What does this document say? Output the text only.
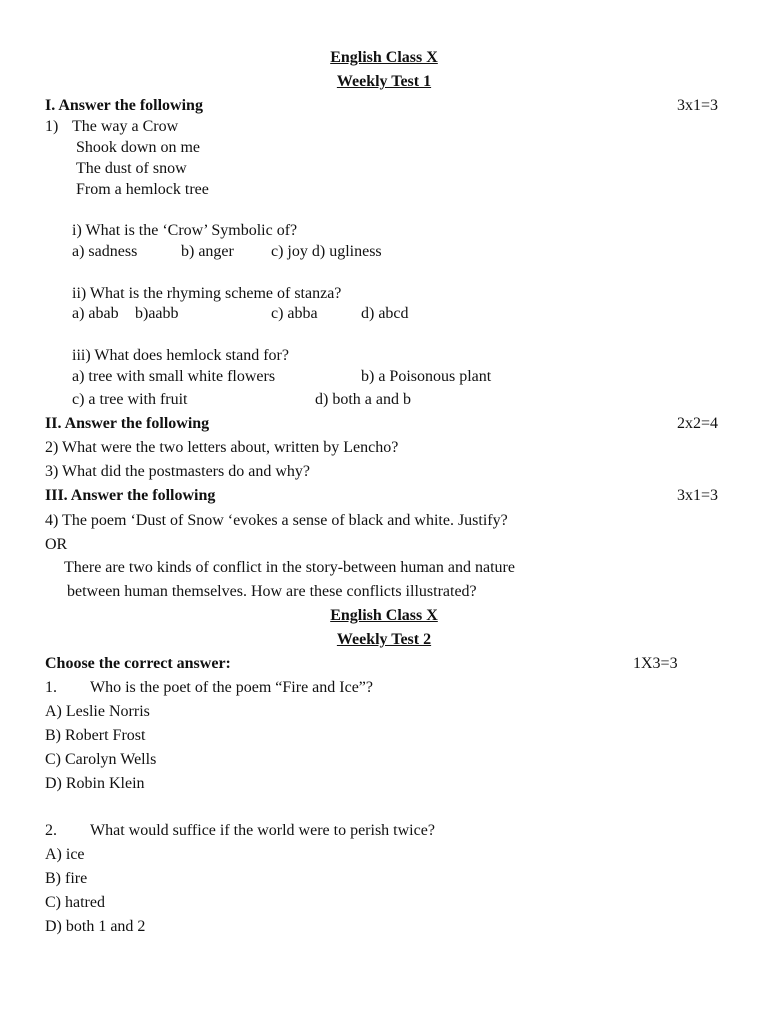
English Class X
Weekly Test 1
I. Answer the following	3x1=3
1) The way a Crow
Shook down on me
The dust of snow
From a hemlock tree
i) What is the ‘Crow’ Symbolic of?
a) sadness	b) anger c) joy d) ugliness
ii) What is the rhyming scheme of stanza?
a) abab b)aabb	c) abba	d) abcd
iii) What does hemlock stand for?
a) tree with small white flowers	b) a Poisonous plant
c) a tree with fruit	d) both a and b
II. Answer the following	2x2=4
2) What were the two letters about, written by Lencho?
3) What did the postmasters do and why?
III. Answer the following	3x1=3
4) The poem ‘Dust of Snow ‘evokes a sense of black and white. Justify?
OR
There are two kinds of conflict in the story-between human and nature
between human themselves. How are these conflicts illustrated?
English Class X
Weekly Test 2
Choose the correct answer:	1X3=3
1. Who is the poet of the poem “Fire and Ice”?
A) Leslie Norris
B) Robert Frost
C) Carolyn Wells
D) Robin Klein
2. What would suffice if the world were to perish twice?
A) ice
B) fire
C) hatred
D) both 1 and 2
